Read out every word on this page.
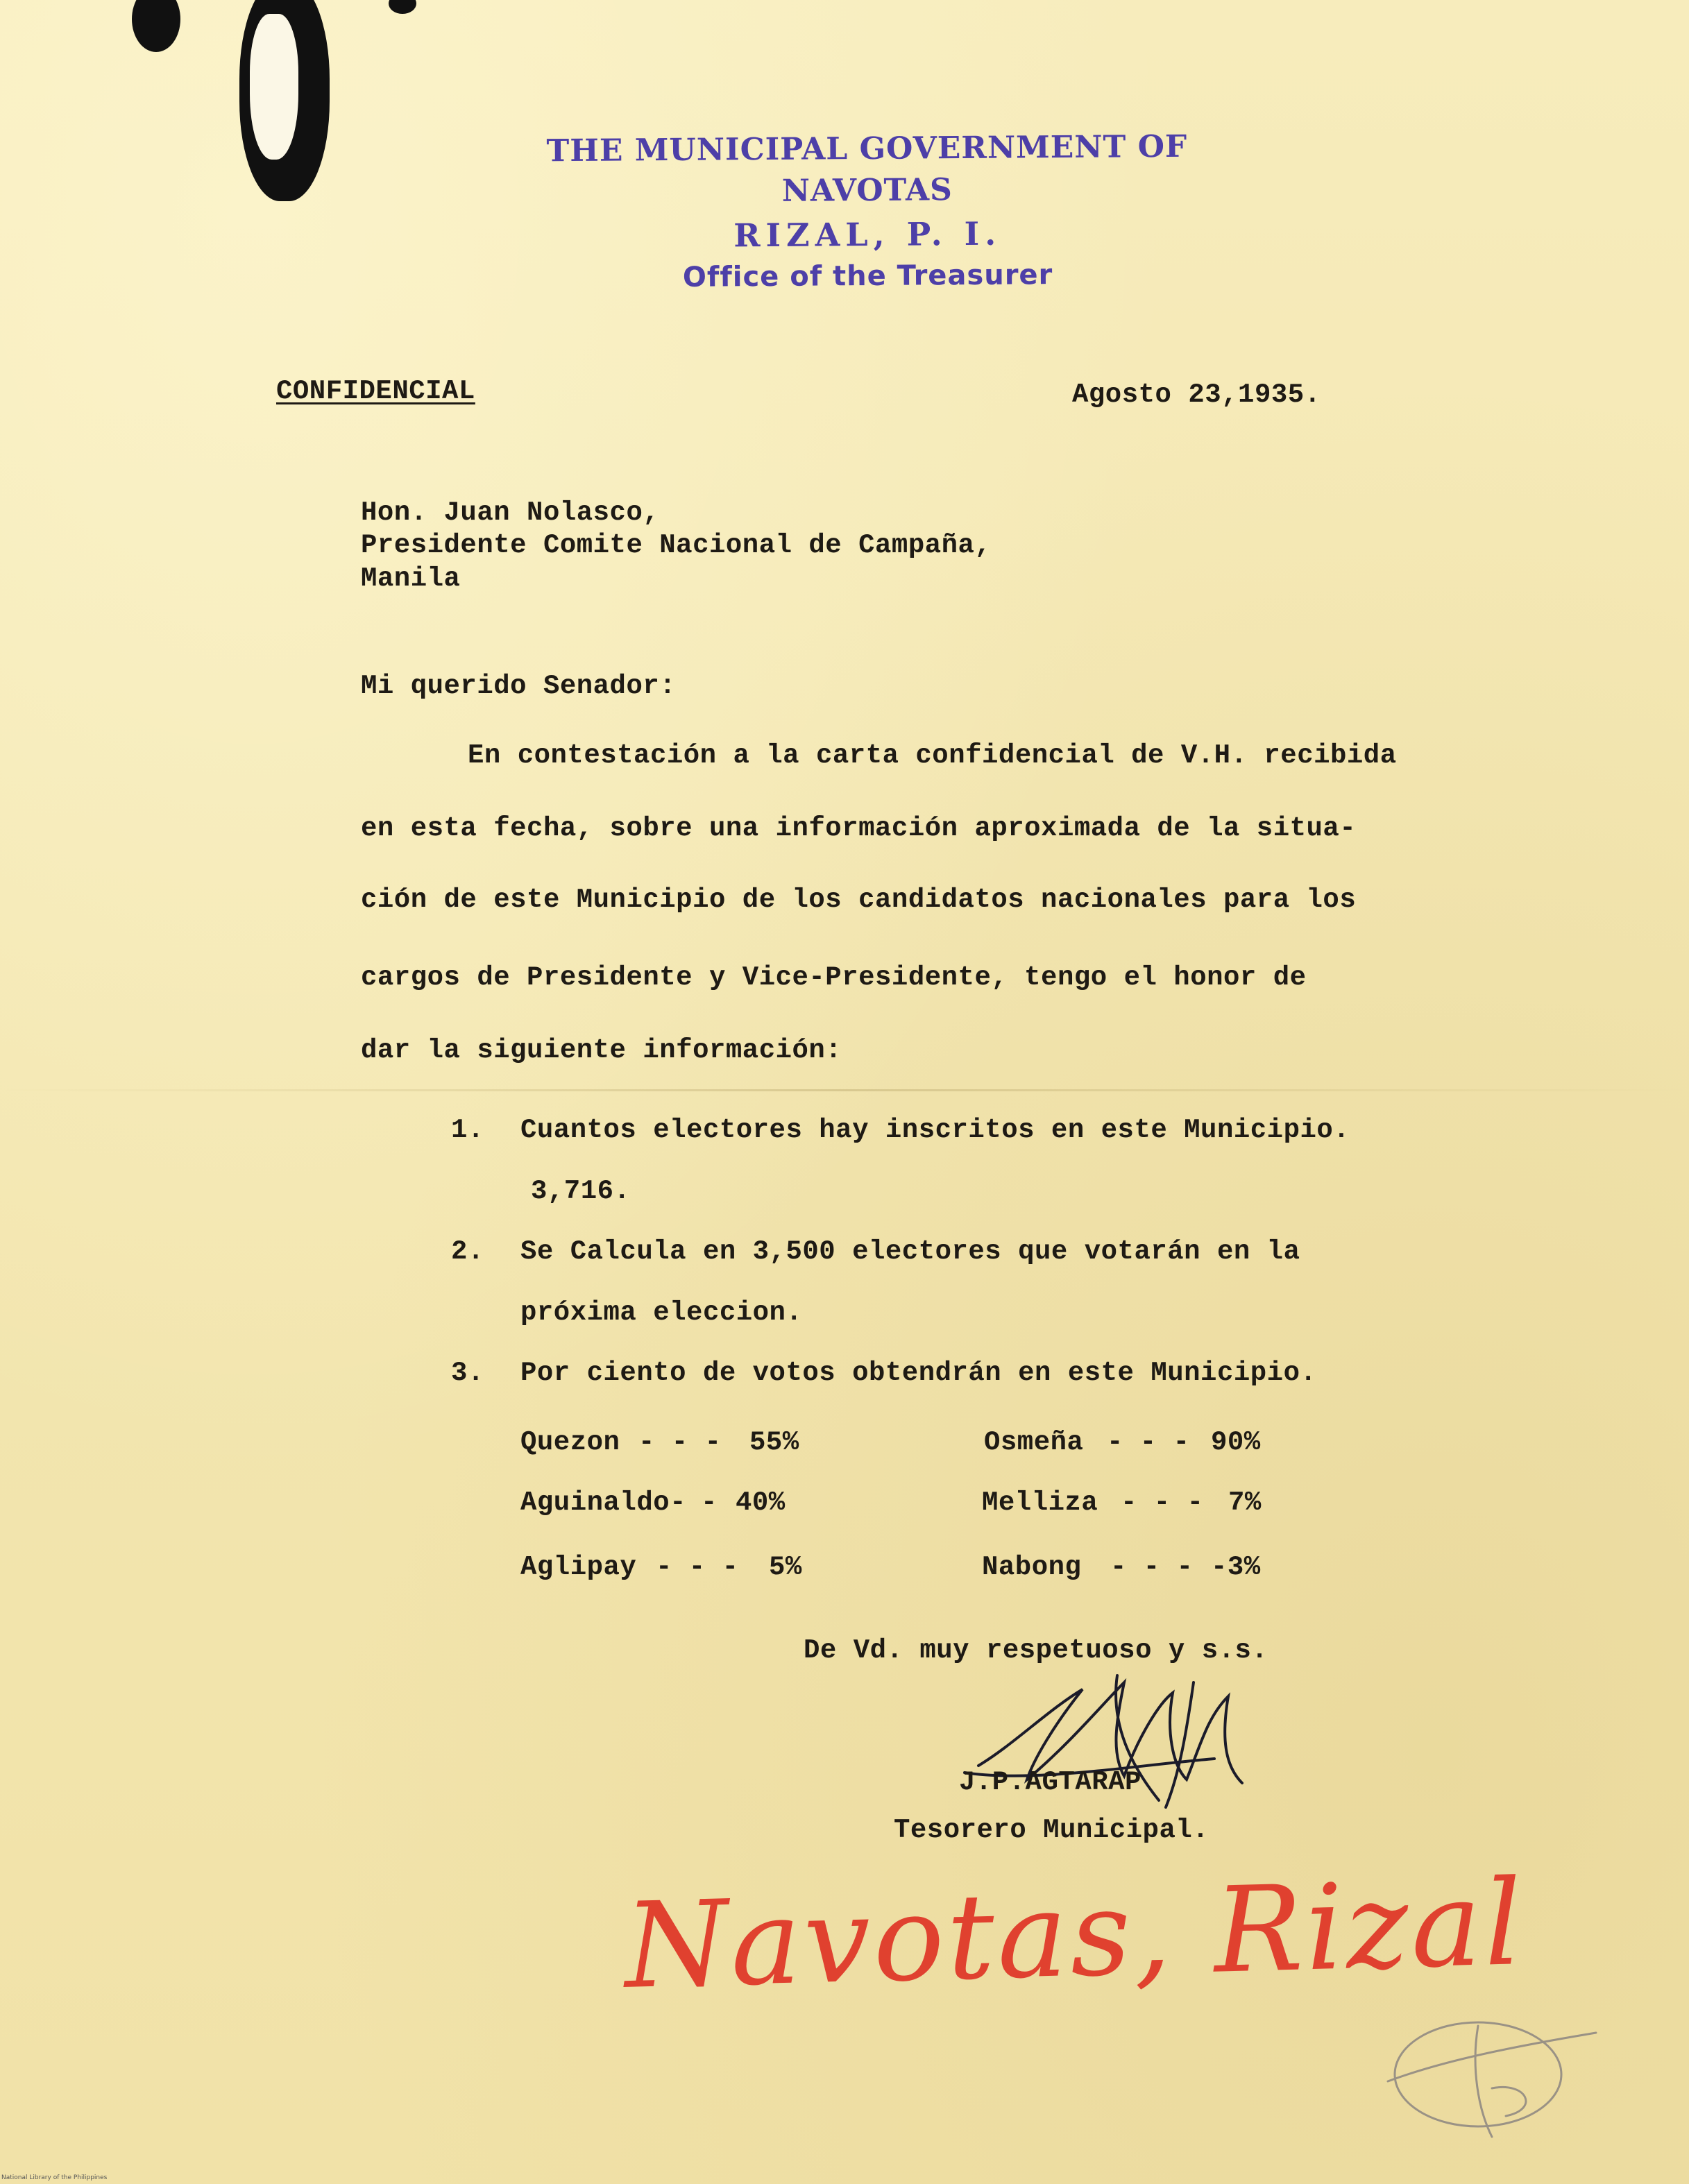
THE MUNICIPAL GOVERNMENT OF NAVOTAS
RIZAL, P. I.
Office of the Treasurer
CONFIDENCIAL	Agosto 23,1935.
Hon. Juan Nolasco,
Presidente Comite Nacional de Campaña,
Manila
Mi querido Senador:
En contestación a la carta confidencial de V.H. recibida
en esta fecha, sobre una información aproximada de la situa-
ción de este Municipio de los candidatos nacionales para los
cargos de Presidente y Vice-Presidente, tengo el honor de
dar la siguiente información:
1. Cuantos electores hay inscritos en este Municipio.
3,716.
2. Se Calcula en 3,500 electores que votarán en la
próxima eleccion.
3. Por ciento de votos obtendrán en este Municipio.
Quezon - - - 55%
Aguinaldo- - 40%
Aglipay - - - 5%
Osmeña - - - 90%
Melliza - - - 7%
Nabong - - - -3%
De Vd. muy respetuoso y s.s.
J.P.AGTARAP
Tesorero Municipal.
Navotas, Rizal
National Library of the Philippines
